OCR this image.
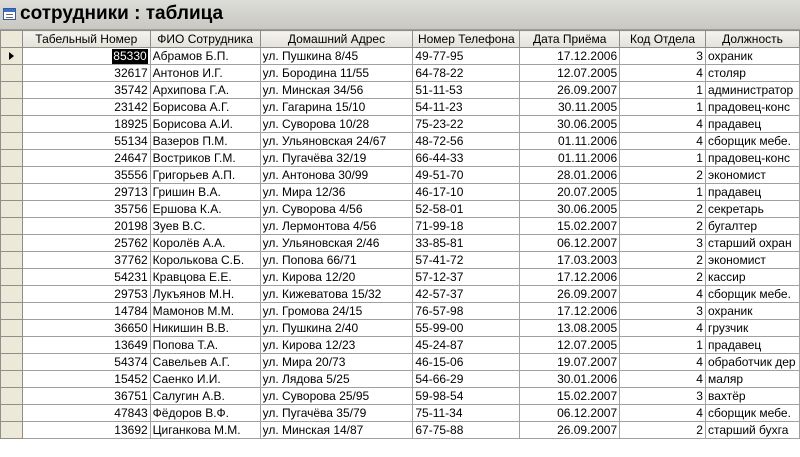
сотрудники : таблица
	Табельный Номер	ФИО Сотрудника	Домашний Адрес	Номер Телефона	Дата Приёма	Код Отдела	Должность

	85330	Абрамов Б.П.	ул. Пушкина 8/45	49-77-95	17.12.2006	3	охраник
	32617	Антонов И.Г.	ул. Бородина 11/55	64-78-22	12.07.2005	4	столяр
	35742	Архипова Г.А.	ул. Минская 34/56	51-11-53	26.09.2007	1	администратор
	23142	Борисова А.Г.	ул. Гагарина 15/10	54-11-23	30.11.2005	1	прадовец-конс
	18925	Борисова А.И.	ул. Суворова 10/28	75-23-22	30.06.2005	4	прадавец
	55134	Вазеров П.М.	ул. Ульяновская 24/67	48-72-56	01.11.2006	4	сборщик мебе.
	24647	Востриков Г.М.	ул. Пугачёва 32/19	66-44-33	01.11.2006	1	прадовец-конс
	35556	Григорьев А.П.	ул. Антонова 30/99	49-51-70	28.01.2006	2	экономист
	29713	Гришин В.А.	ул. Мира 12/36	46-17-10	20.07.2005	1	прадавец
	35756	Ершова К.А.	ул. Суворова 4/56	52-58-01	30.06.2005	2	секретарь
	20198	Зуев В.С.	ул. Лермонтова 4/56	71-99-18	15.02.2007	2	бугалтер
	25762	Королёв А.А.	ул. Ульяновская 2/46	33-85-81	06.12.2007	3	старший охран
	37762	Королькова С.Б.	ул. Попова 66/71	57-41-72	17.03.2003	2	экономист
	54231	Кравцова Е.Е.	ул. Кирова 12/20	57-12-37	17.12.2006	2	кассир
	29753	Лукъянов М.Н.	ул. Кижеватова 15/32	42-57-37	26.09.2007	4	сборщик мебе.
	14784	Мамонов М.М.	ул. Громова 24/15	76-57-98	17.12.2006	3	охраник
	36650	Никишин В.В.	ул. Пушкина 2/40	55-99-00	13.08.2005	4	грузчик
	13649	Попова Т.А.	ул. Кирова 12/23	45-24-87	12.07.2005	1	прадавец
	54374	Савельев А.Г.	ул. Мира 20/73	46-15-06	19.07.2007	4	обработчик дер
	15452	Саенко И.И.	ул. Лядова 5/25	54-66-29	30.01.2006	4	маляр
	36751	Салугин А.В.	ул. Суворова 25/95	59-98-54	15.02.2007	3	вахтёр
	47843	Фёдоров В.Ф.	ул. Пугачёва 35/79	75-11-34	06.12.2007	4	сборщик мебе.
	13692	Циганкова М.М.	ул. Минская 14/87	67-75-88	26.09.2007	2	старший бухга
